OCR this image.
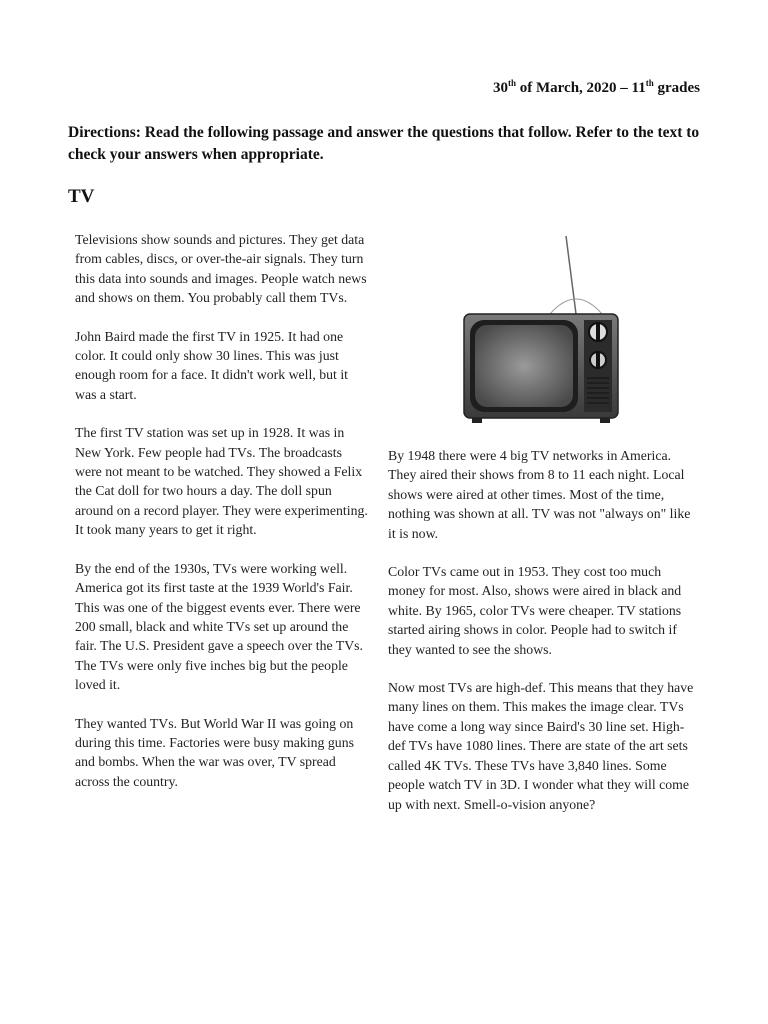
30th of March, 2020 – 11th grades
Directions: Read the following passage and answer the questions that follow. Refer to the text to check your answers when appropriate.
TV

Televisions show sounds and pictures. They get data from cables, discs, or over-the-air signals. They turn this data into sounds and images. People watch news and shows on them. You probably call them TVs.

John Baird made the first TV in 1925. It had one color. It could only show 30 lines. This was just enough room for a face. It didn't work well, but it was a start.

The first TV station was set up in 1928. It was in New York. Few people had TVs. The broadcasts were not meant to be watched. They showed a Felix the Cat doll for two hours a day. The doll spun around on a record player. They were experimenting. It took many years to get it right.

By the end of the 1930s, TVs were working well. America got its first taste at the 1939 World's Fair. This was one of the biggest events ever. There were 200 small, black and white TVs set up around the fair. The U.S. President gave a speech over the TVs. The TVs were only five inches big but the people loved it.

They wanted TVs. But World War II was going on during this time. Factories were busy making guns and bombs. When the war was over, TV spread across the country.

By 1948 there were 4 big TV networks in America. They aired their shows from 8 to 11 each night. Local shows were aired at other times. Most of the time, nothing was shown at all. TV was not "always on" like it is now.

Color TVs came out in 1953. They cost too much money for most. Also, shows were aired in black and white. By 1965, color TVs were cheaper. TV stations started airing shows in color. People had to switch if they wanted to see the shows.

Now most TVs are high-def. This means that they have many lines on them. This makes the image clear. TVs have come a long way since Baird's 30 line set. High-def TVs have 1080 lines. There are state of the art sets called 4K TVs. These TVs have 3,840 lines. Some people watch TV in 3D. I wonder what they will come up with next. Smell-o-vision anyone?
